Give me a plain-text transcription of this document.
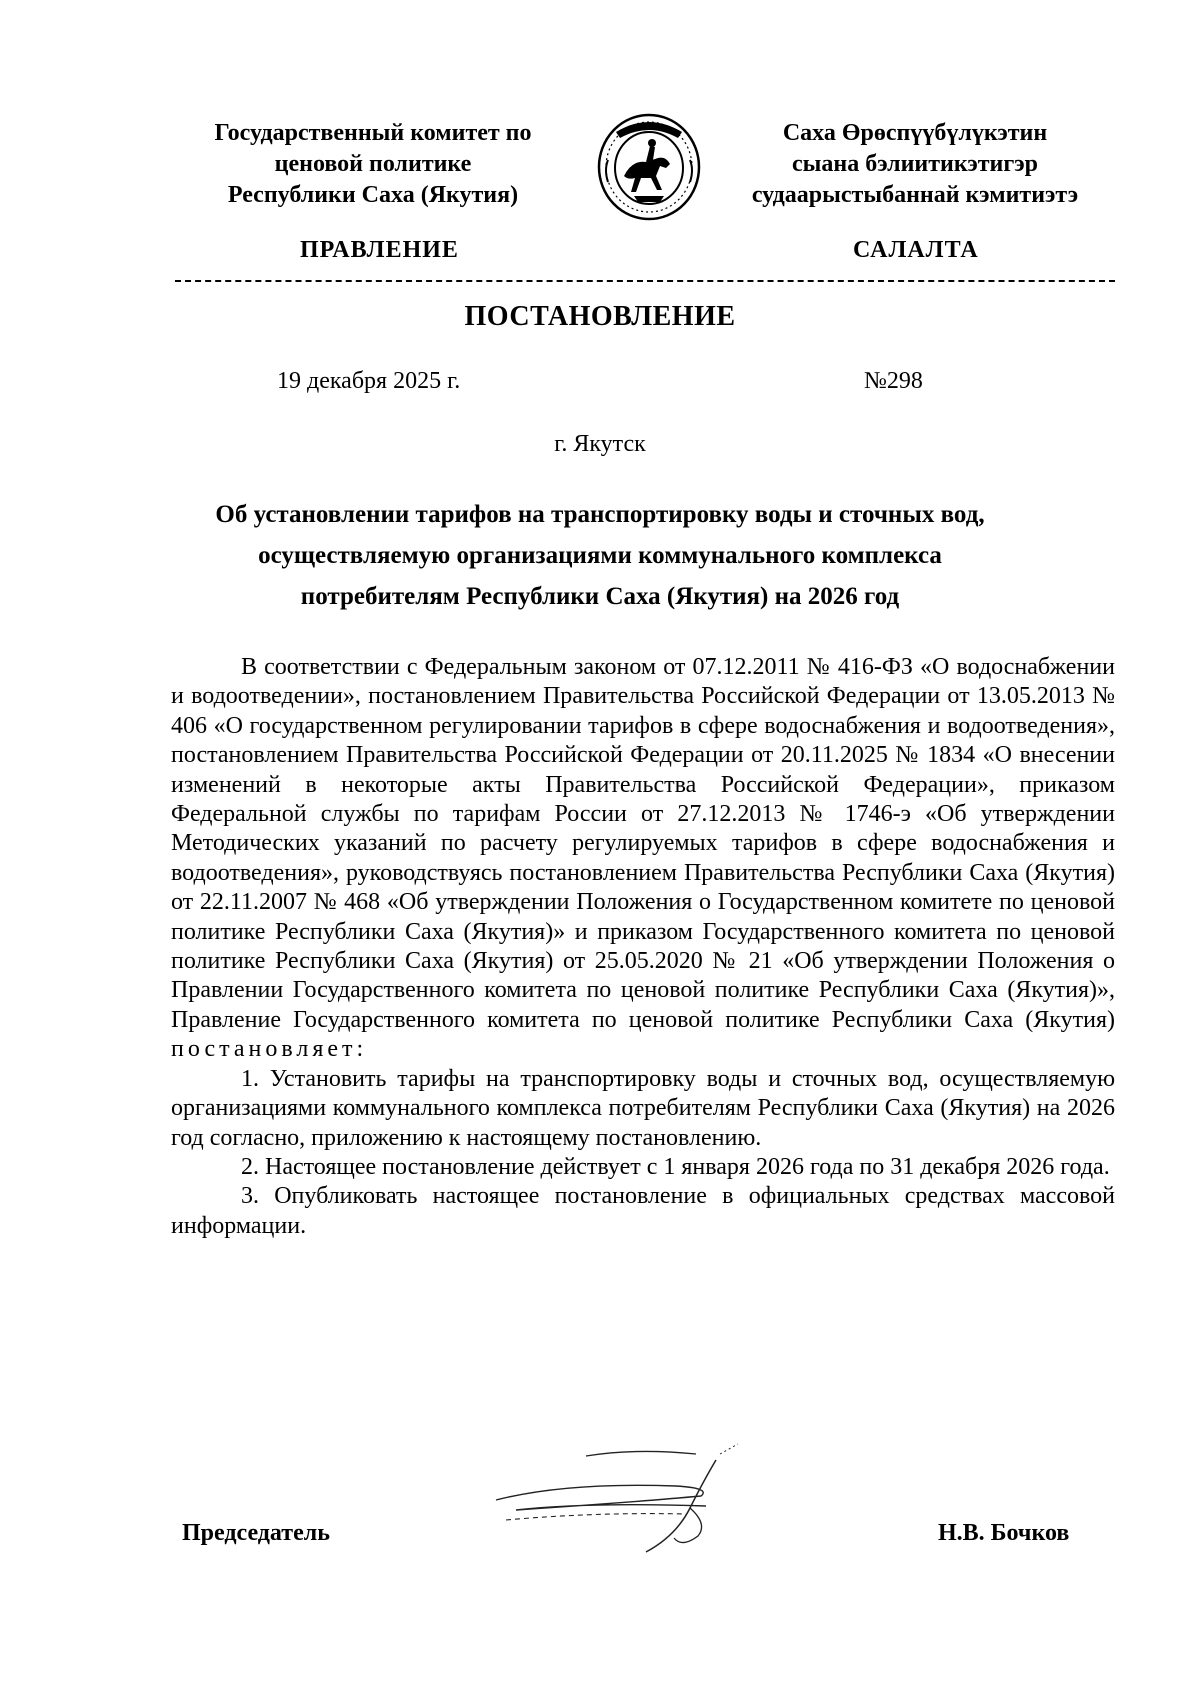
Государственный комитет по
ценовой политике
Республики Саха (Якутия)
Саха Өрөспүүбүлүкэтин
сыана бэлиитикэтигэр
судаарыстыбаннай кэмитиэтэ
ПРАВЛЕНИЕ	САЛАЛТА
ПОСТАНОВЛЕНИЕ
19 декабря 2025 г.	№298
г. Якутск
Об установлении тарифов на транспортировку воды и сточных вод,
осуществляемую организациями коммунального комплекса
потребителям Республики Саха (Якутия) на 2026 год

В соответствии с Федеральным законом от 07.12.2011 № 416-ФЗ «О водоснабжении и водоотведении», постановлением Правительства Российской Федерации от 13.05.2013 № 406 «О государственном регулировании тарифов в сфере водоснабжения и водоотведения», постановлением Правительства Российской Федерации от 20.11.2025 № 1834 «О внесении изменений в некоторые акты Правительства Российской Федерации», приказом Федеральной службы по тарифам России от 27.12.2013 № 1746-э «Об утверждении Методических указаний по расчету регулируемых тарифов в сфере водоснабжения и водоотведения», руководствуясь постановлением Правительства Республики Саха (Якутия) от 22.11.2007 № 468 «Об утверждении Положения о Государственном комитете по ценовой политике Республики Саха (Якутия)» и приказом Государственного комитета по ценовой политике Республики Саха (Якутия) от 25.05.2020 № 21 «Об утверждении Положения о Правлении Государственного комитета по ценовой политике Республики Саха (Якутия)», Правление Государственного комитета по ценовой политике Республики Саха (Якутия) постановляет:

1. Установить тарифы на транспортировку воды и сточных вод, осуществляемую организациями коммунального комплекса потребителям Республики Саха (Якутия) на 2026 год согласно, приложению к настоящему постановлению.

2. Настоящее постановление действует с 1 января 2026 года по 31 декабря 2026 года.

3. Опубликовать настоящее постановление в официальных средствах массовой информации.

Председатель	Н.В. Бочков
